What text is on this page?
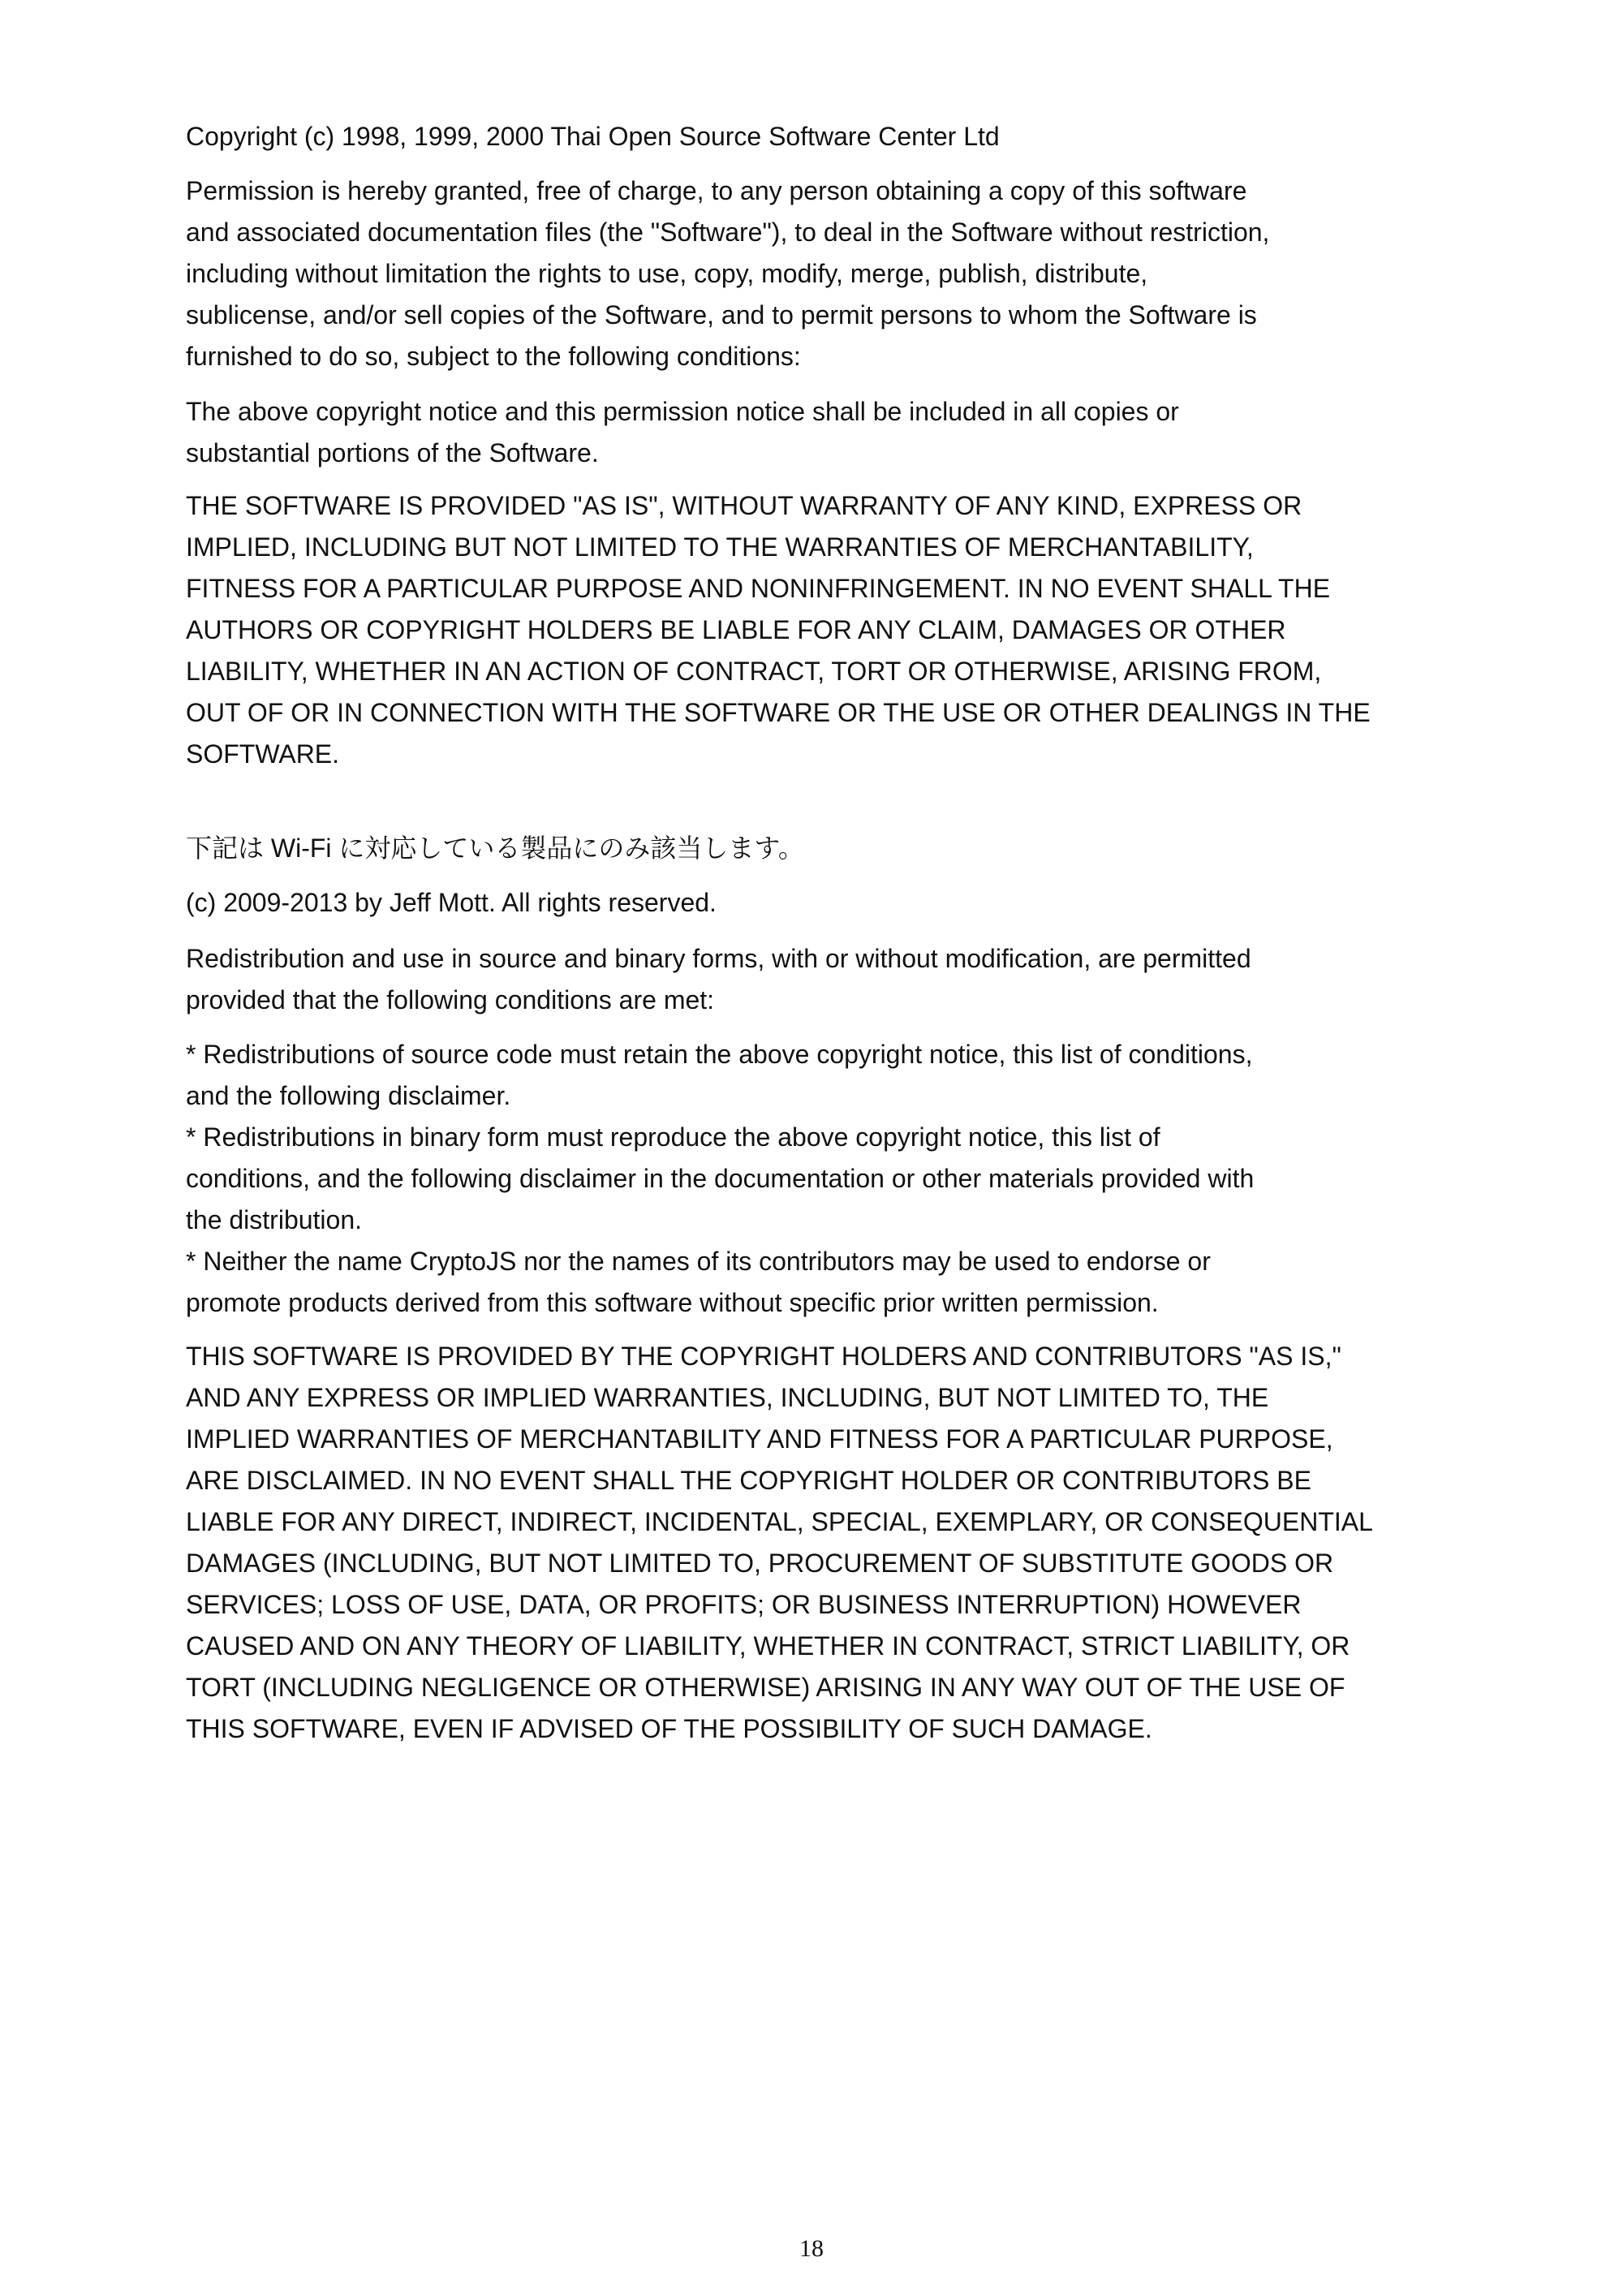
Copyright (c) 1998, 1999, 2000 Thai Open Source Software Center Ltd
Permission is hereby granted, free of charge, to any person obtaining a copy of this software
and associated documentation files (the "Software"), to deal in the Software without restriction,
including without limitation the rights to use, copy, modify, merge, publish, distribute,
sublicense, and/or sell copies of the Software, and to permit persons to whom the Software is
furnished to do so, subject to the following conditions:
The above copyright notice and this permission notice shall be included in all copies or
substantial portions of the Software.
THE SOFTWARE IS PROVIDED "AS IS", WITHOUT WARRANTY OF ANY KIND, EXPRESS OR
IMPLIED, INCLUDING BUT NOT LIMITED TO THE WARRANTIES OF MERCHANTABILITY,
FITNESS FOR A PARTICULAR PURPOSE AND NONINFRINGEMENT. IN NO EVENT SHALL THE
AUTHORS OR COPYRIGHT HOLDERS BE LIABLE FOR ANY CLAIM, DAMAGES OR OTHER
LIABILITY, WHETHER IN AN ACTION OF CONTRACT, TORT OR OTHERWISE, ARISING FROM,
OUT OF OR IN CONNECTION WITH THE SOFTWARE OR THE USE OR OTHER DEALINGS IN THE
SOFTWARE.
下記は Wi-Fi に対応している製品にのみ該当します。
(c) 2009-2013 by Jeff Mott. All rights reserved.
Redistribution and use in source and binary forms, with or without modification, are permitted
provided that the following conditions are met:
* Redistributions of source code must retain the above copyright notice, this list of conditions,
and the following disclaimer.
* Redistributions in binary form must reproduce the above copyright notice, this list of
conditions, and the following disclaimer in the documentation or other materials provided with
the distribution.
* Neither the name CryptoJS nor the names of its contributors may be used to endorse or
promote products derived from this software without specific prior written permission.
THIS SOFTWARE IS PROVIDED BY THE COPYRIGHT HOLDERS AND CONTRIBUTORS "AS IS,"
AND ANY EXPRESS OR IMPLIED WARRANTIES, INCLUDING, BUT NOT LIMITED TO, THE
IMPLIED WARRANTIES OF MERCHANTABILITY AND FITNESS FOR A PARTICULAR PURPOSE,
ARE DISCLAIMED. IN NO EVENT SHALL THE COPYRIGHT HOLDER OR CONTRIBUTORS BE
LIABLE FOR ANY DIRECT, INDIRECT, INCIDENTAL, SPECIAL, EXEMPLARY, OR CONSEQUENTIAL
DAMAGES (INCLUDING, BUT NOT LIMITED TO, PROCUREMENT OF SUBSTITUTE GOODS OR
SERVICES; LOSS OF USE, DATA, OR PROFITS; OR BUSINESS INTERRUPTION) HOWEVER
CAUSED AND ON ANY THEORY OF LIABILITY, WHETHER IN CONTRACT, STRICT LIABILITY, OR
TORT (INCLUDING NEGLIGENCE OR OTHERWISE) ARISING IN ANY WAY OUT OF THE USE OF
THIS SOFTWARE, EVEN IF ADVISED OF THE POSSIBILITY OF SUCH DAMAGE.
18
